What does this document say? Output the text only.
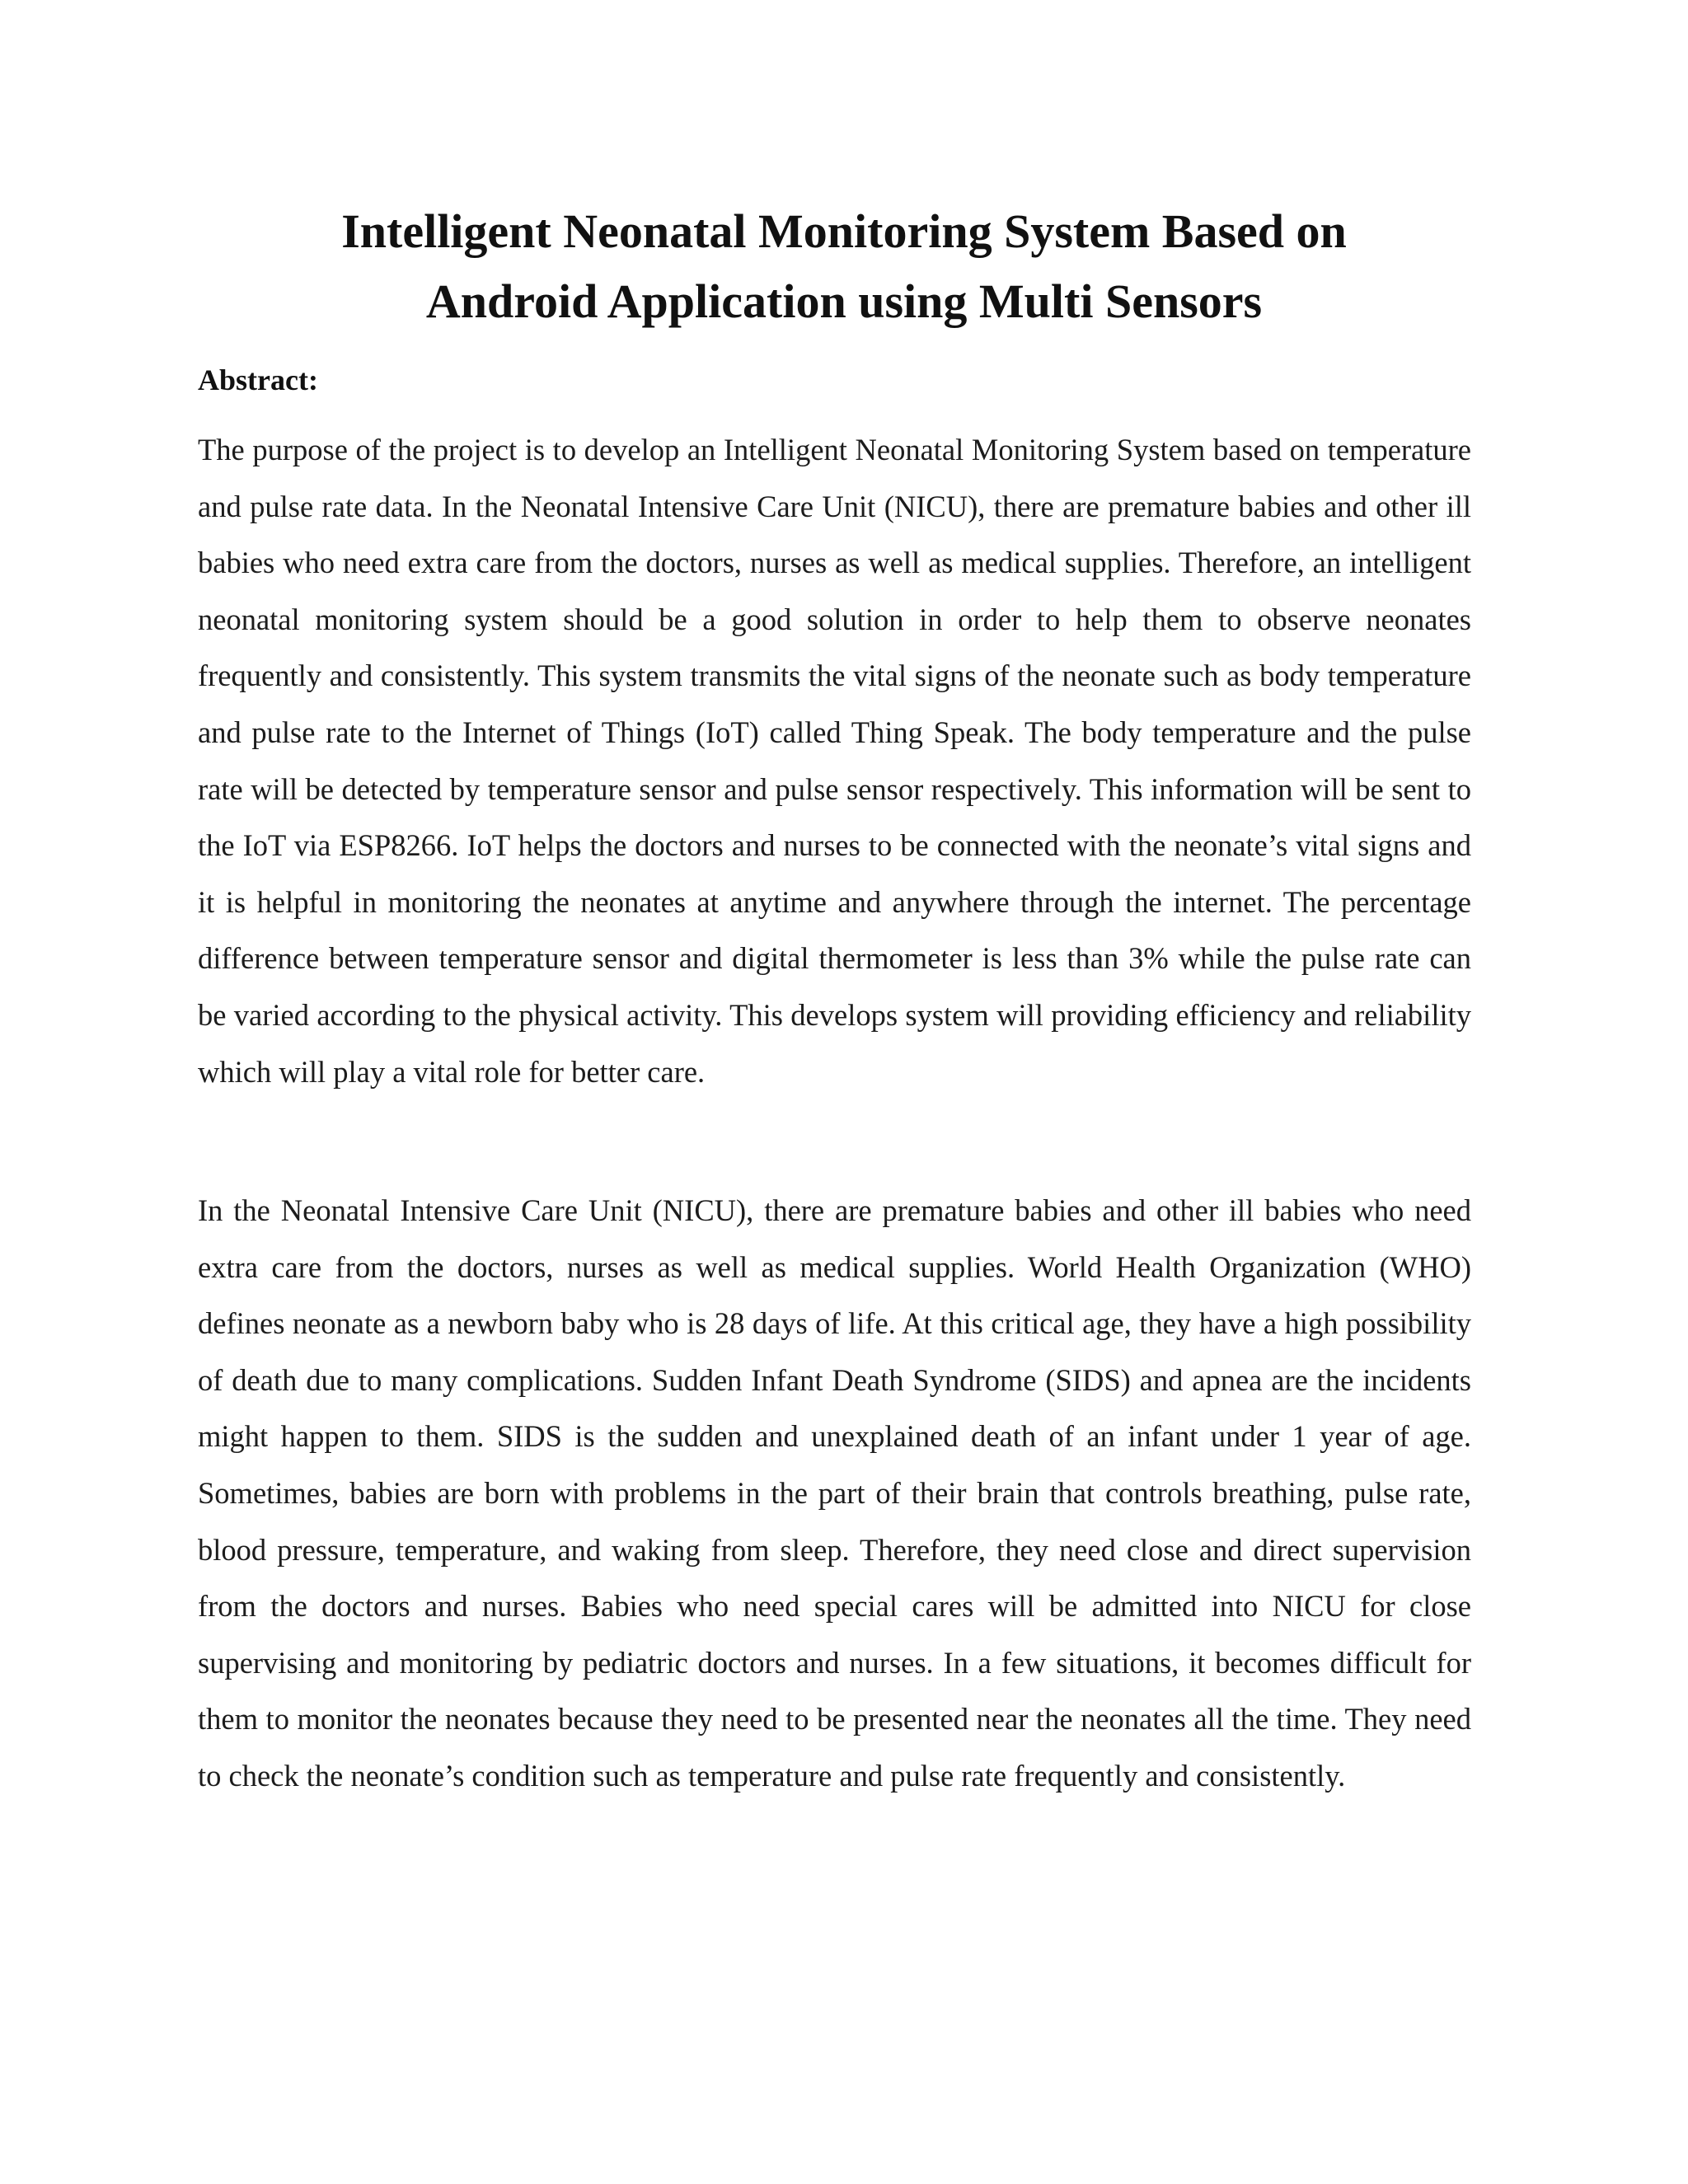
Intelligent Neonatal Monitoring System Based on
Android Application using Multi Sensors
Abstract:

The purpose of the project is to develop an Intelligent Neonatal Monitoring System based on temperature and pulse rate data. In the Neonatal Intensive Care Unit (NICU), there are premature babies and other ill babies who need extra care from the doctors, nurses as well as medical supplies. Therefore, an intelligent neonatal monitoring system should be a good solution in order to help them to observe neonates frequently and consistently. This system transmits the vital signs of the neonate such as body temperature and pulse rate to the Internet of Things (IoT) called Thing Speak. The body temperature and the pulse rate will be detected by temperature sensor and pulse sensor respectively. This information will be sent to the IoT via ESP8266. IoT helps the doctors and nurses to be connected with the neonate’s vital signs and it is helpful in monitoring the neonates at anytime and anywhere through the internet. The percentage difference between temperature sensor and digital thermometer is less than 3% while the pulse rate can be varied according to the physical activity. This develops system will providing efficiency and reliability which will play a vital role for better care.

In the Neonatal Intensive Care Unit (NICU), there are premature babies and other ill babies who need extra care from the doctors, nurses as well as medical supplies. World Health Organization (WHO) defines neonate as a newborn baby who is 28 days of life. At this critical age, they have a high possibility of death due to many complications. Sudden Infant Death Syndrome (SIDS) and apnea are the incidents might happen to them. SIDS is the sudden and unexplained death of an infant under 1 year of age. Sometimes, babies are born with problems in the part of their brain that controls breathing, pulse rate, blood pressure, temperature, and waking from sleep. Therefore, they need close and direct supervision from the doctors and nurses. Babies who need special cares will be admitted into NICU for close supervising and monitoring by pediatric doctors and nurses. In a few situations, it becomes difficult for them to monitor the neonates because they need to be presented near the neonates all the time. They need to check the neonate’s condition such as temperature and pulse rate frequently and consistently.
